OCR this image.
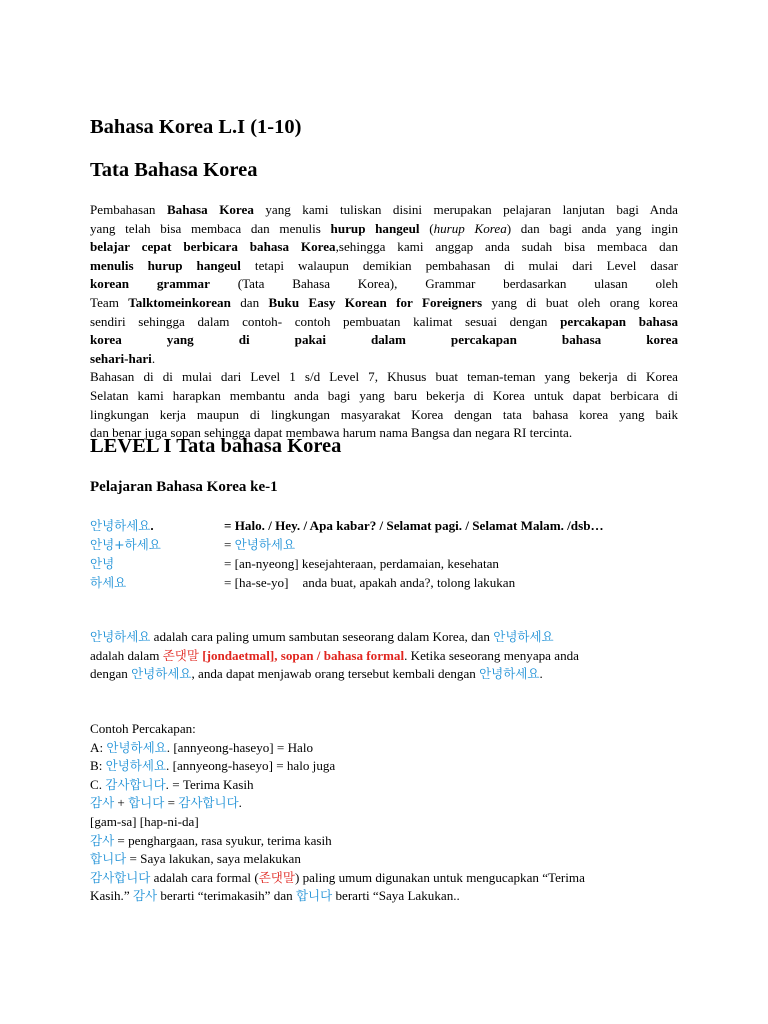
Bahasa Korea L.I (1-10)
Tata Bahasa Korea
Pembahasan Bahasa Korea yang kami tuliskan disini merupakan pelajaran lanjutan bagi Anda
yang telah bisa membaca dan menulis hurup hangeul (hurup Korea) dan bagi anda yang ingin
belajar cepat berbicara bahasa Korea,sehingga kami anggap anda sudah bisa membaca dan
menulis hurup hangeul tetapi walaupun demikian pembahasan di mulai dari Level dasar
korean grammar (Tata Bahasa Korea), Grammar berdasarkan ulasan oleh
Team Talktomeinkorean dan Buku Easy Korean for Foreigners yang di buat oleh orang korea
sendiri sehingga dalam contoh- contoh pembuatan kalimat sesuai dengan percakapan bahasa
korea yang di pakai dalam percakapan bahasa korea sehari-hari.
Bahasan di di mulai dari Level 1 s/d Level 7, Khusus buat teman-teman yang bekerja di Korea
Selatan kami harapkan membantu anda bagi yang baru bekerja di Korea untuk dapat berbicara di
lingkungan kerja maupun di lingkungan masyarakat Korea dengan tata bahasa korea yang baik
dan benar juga sopan sehingga dapat membawa harum nama Bangsa dan negara RI tercinta.
LEVEL I Tata bahasa Korea
Pelajaran Bahasa Korea ke-1
안녕하세요.	= Halo. / Hey. / Apa kabar? / Selamat pagi. / Selamat Malam. /dsb…
안녕+하세요	= 안녕하세요
안녕	= [an-nyeong] kesejahteraan, perdamaian, kesehatan
하세요	= [ha-se-yo] anda buat, apakah anda?, tolong lakukan
안녕하세요 adalah cara paling umum sambutan seseorang dalam Korea, dan 안녕하세요
adalah dalam 존댓말 [jondaetmal], sopan / bahasa formal. Ketika seseorang menyapa anda
dengan 안녕하세요, anda dapat menjawab orang tersebut kembali dengan 안녕하세요.
Contoh Percakapan:
A: 안녕하세요. [annyeong-haseyo] = Halo
B: 안녕하세요. [annyeong-haseyo] = halo juga
C. 감사합니다. = Terima Kasih
감사 + 합니다 = 감사합니다.
[gam-sa] [hap-ni-da]
감사 = penghargaan, rasa syukur, terima kasih
합니다 = Saya lakukan, saya melakukan
감사합니다 adalah cara formal (존댓말) paling umum digunakan untuk mengucapkan “Terima
Kasih.” 감사 berarti “terimakasih” dan 합니다 berarti “Saya Lakukan..
